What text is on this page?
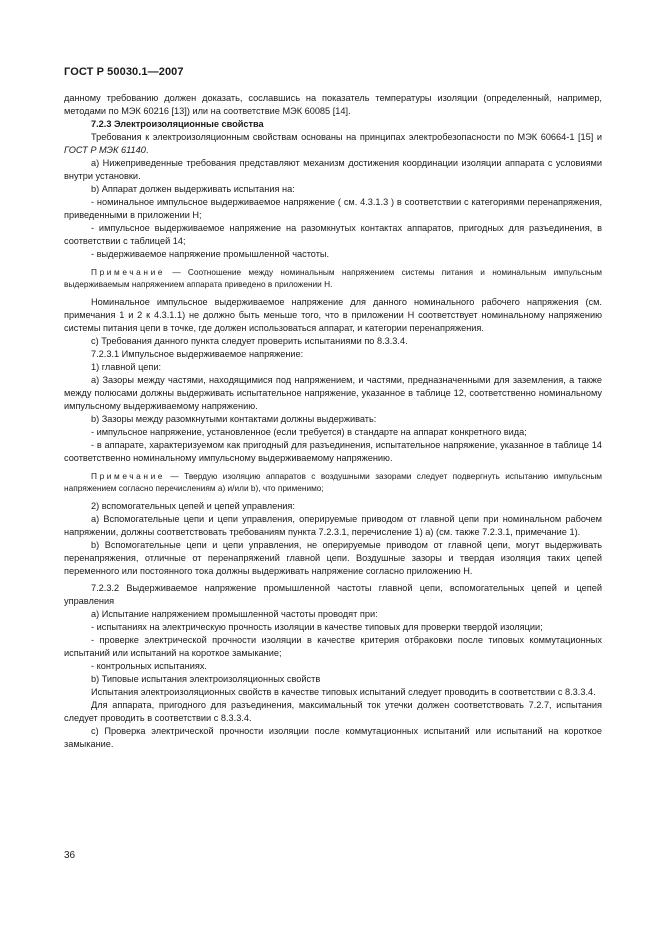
ГОСТ Р 50030.1—2007

данному требованию должен доказать, сославшись на показатель температуры изоляции (определенный, например, методами по МЭК 60216 [13]) или на соответствие МЭК 60085 [14].

7.2.3 Электроизоляционные свойства

Требования к электроизоляционным свойствам основаны на принципах электробезопасности по МЭК 60664-1 [15] и ГОСТ Р МЭК 61140.

a) Нижеприведенные требования представляют механизм достижения координации изоляции аппарата с условиями внутри установки.

b) Аппарат должен выдерживать испытания на:

- номинальное импульсное выдерживаемое напряжение ( см. 4.3.1.3 ) в соответствии с категориями перенапряжения, приведенными в приложении Н;

- импульсное выдерживаемое напряжение на разомкнутых контактах аппаратов, пригодных для разъединения, в соответствии с таблицей 14;

- выдерживаемое напряжение промышленной частоты.

Примечание — Соотношение между номинальным напряжением системы питания и номинальным импульсным выдерживаемым напряжением аппарата приведено в приложении Н.

Номинальное импульсное выдерживаемое напряжение для данного номинального рабочего напряжения (см. примечания 1 и 2 к 4.3.1.1) не должно быть меньше того, что в приложении Н соответствует номинальному напряжению системы питания цепи в точке, где должен использоваться аппарат, и категории перенапряжения.

c) Требования данного пункта следует проверить испытаниями по 8.3.3.4.

7.2.3.1 Импульсное выдерживаемое напряжение:

1) главной цепи:

a) Зазоры между частями, находящимися под напряжением, и частями, предназначенными для заземления, а также между полюсами должны выдерживать испытательное напряжение, указанное в таблице 12, соответственно номинальному импульсному выдерживаемому напряжению.

b) Зазоры между разомкнутыми контактами должны выдерживать:

- импульсное напряжение, установленное (если требуется) в стандарте на аппарат конкретного вида;

- в аппарате, характеризуемом как пригодный для разъединения, испытательное напряжение, указанное в таблице 14 соответственно номинальному импульсному выдерживаемому напряжению.

Примечание — Твердую изоляцию аппаратов с воздушными зазорами следует подвергнуть испытанию импульсным напряжением согласно перечислениям a) и/или b), что применимо;

2) вспомогательных цепей и цепей управления:

a) Вспомогательные цепи и цепи управления, оперируемые приводом от главной цепи при номинальном рабочем напряжении, должны соответствовать требованиям пункта 7.2.3.1, перечисление 1) a) (см. также 7.2.3.1, примечание 1).

b) Вспомогательные цепи и цепи управления, не оперируемые приводом от главной цепи, могут выдерживать перенапряжения, отличные от перенапряжений главной цепи. Воздушные зазоры и твердая изоляция таких цепей переменного или постоянного тока должны выдерживать напряжение согласно приложению Н.

7.2.3.2 Выдерживаемое напряжение промышленной частоты главной цепи, вспомогательных цепей и цепей управления

a) Испытание напряжением промышленной частоты проводят при:

- испытаниях на электрическую прочность изоляции в качестве типовых для проверки твердой изоляции;

- проверке электрической прочности изоляции в качестве критерия отбраковки после типовых коммутационных испытаний или испытаний на короткое замыкание;

- контрольных испытаниях.

b) Типовые испытания электроизоляционных свойств

Испытания электроизоляционных свойств в качестве типовых испытаний следует проводить в соответствии с 8.3.3.4.

Для аппарата, пригодного для разъединения, максимальный ток утечки должен соответствовать 7.2.7, испытания следует проводить в соответствии с 8.3.3.4.

c) Проверка электрической прочности изоляции после коммутационных испытаний или испытаний на короткое замыкание.

36
